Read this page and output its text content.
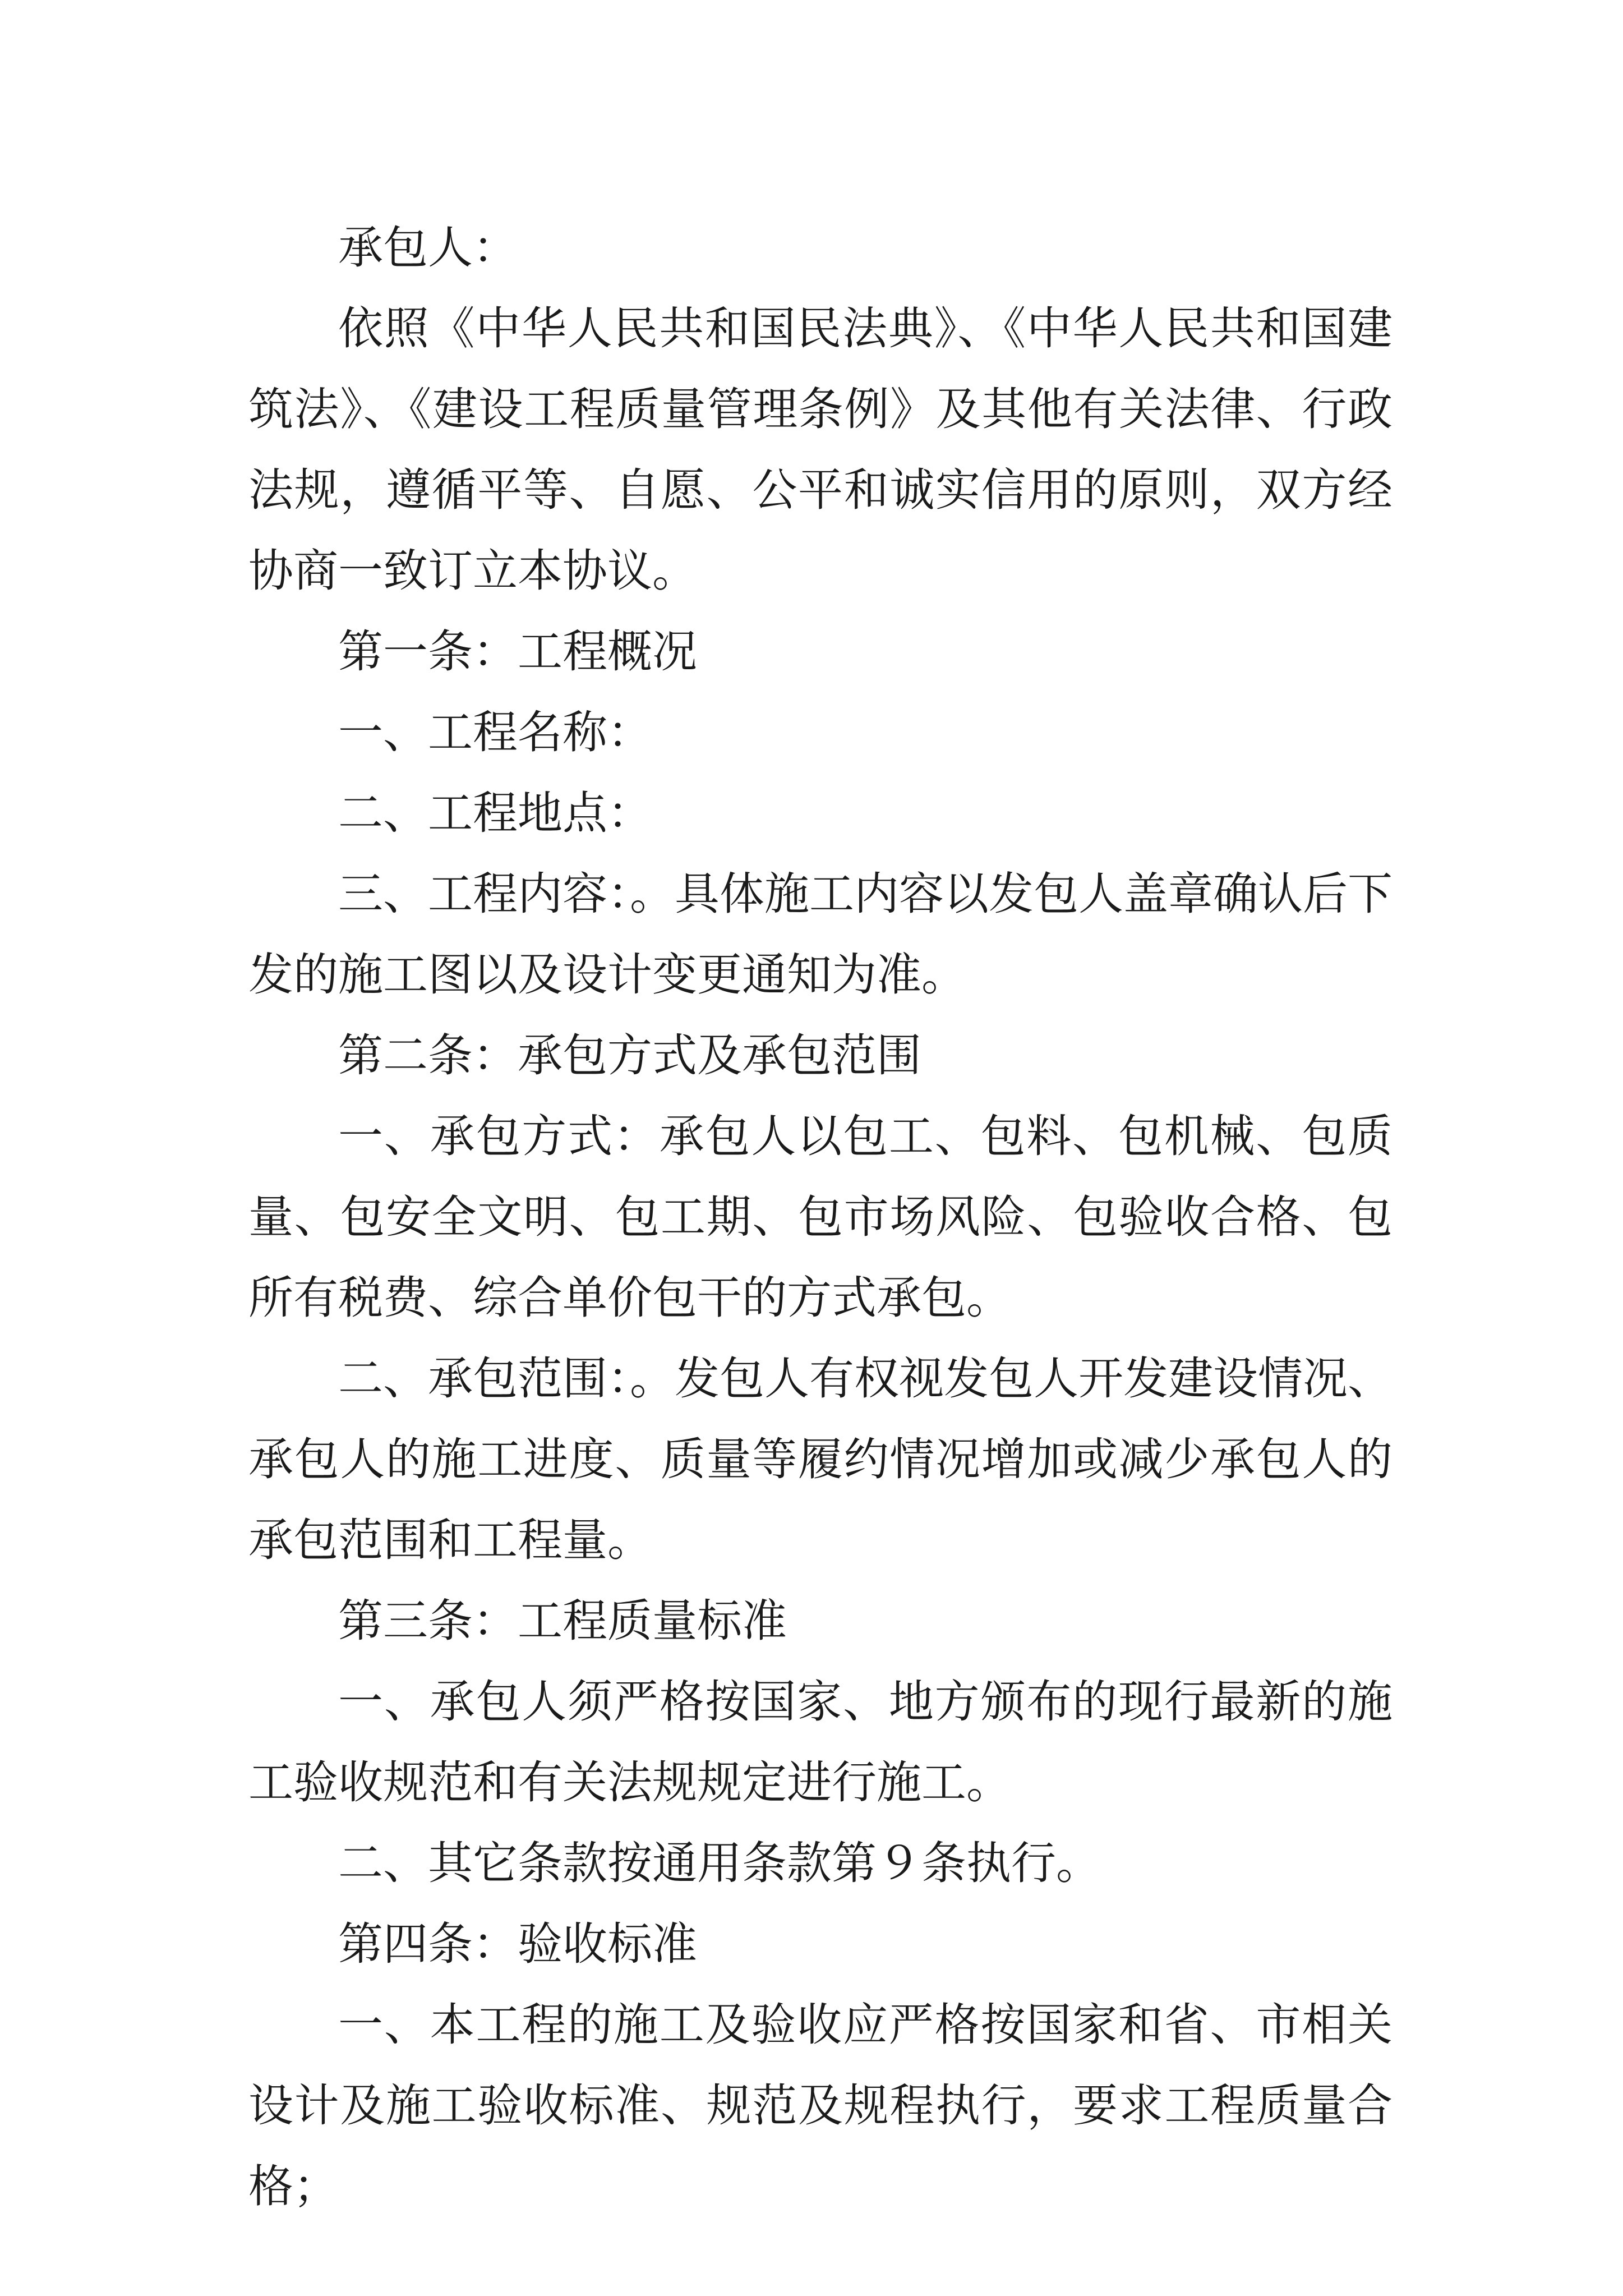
承包人：

依照《中华人民共和国民法典》、《中华人民共和国建筑法》、《建设工程质量管理条例》及其他有关法律、行政法规，遵循平等、自愿、公平和诚实信用的原则，双方经协商一致订立本协议。

第一条：工程概况

一、工程名称：

二、工程地点：

三、工程内容：。具体施工内容以发包人盖章确认后下发的施工图以及设计变更通知为准。

第二条：承包方式及承包范围

一、承包方式：承包人以包工、包料、包机械、包质量、包安全文明、包工期、包市场风险、包验收合格、包所有税费、综合单价包干的方式承包。

二、承包范围：。发包人有权视发包人开发建设情况、承包人的施工进度、质量等履约情况增加或减少承包人的承包范围和工程量。

第三条：工程质量标准

一、承包人须严格按国家、地方颁布的现行最新的施工验收规范和有关法规规定进行施工。

二、其它条款按通用条款第９条执行。

第四条：验收标准

一、本工程的施工及验收应严格按国家和省、市相关设计及施工验收标准、规范及规程执行，要求工程质量合格；
